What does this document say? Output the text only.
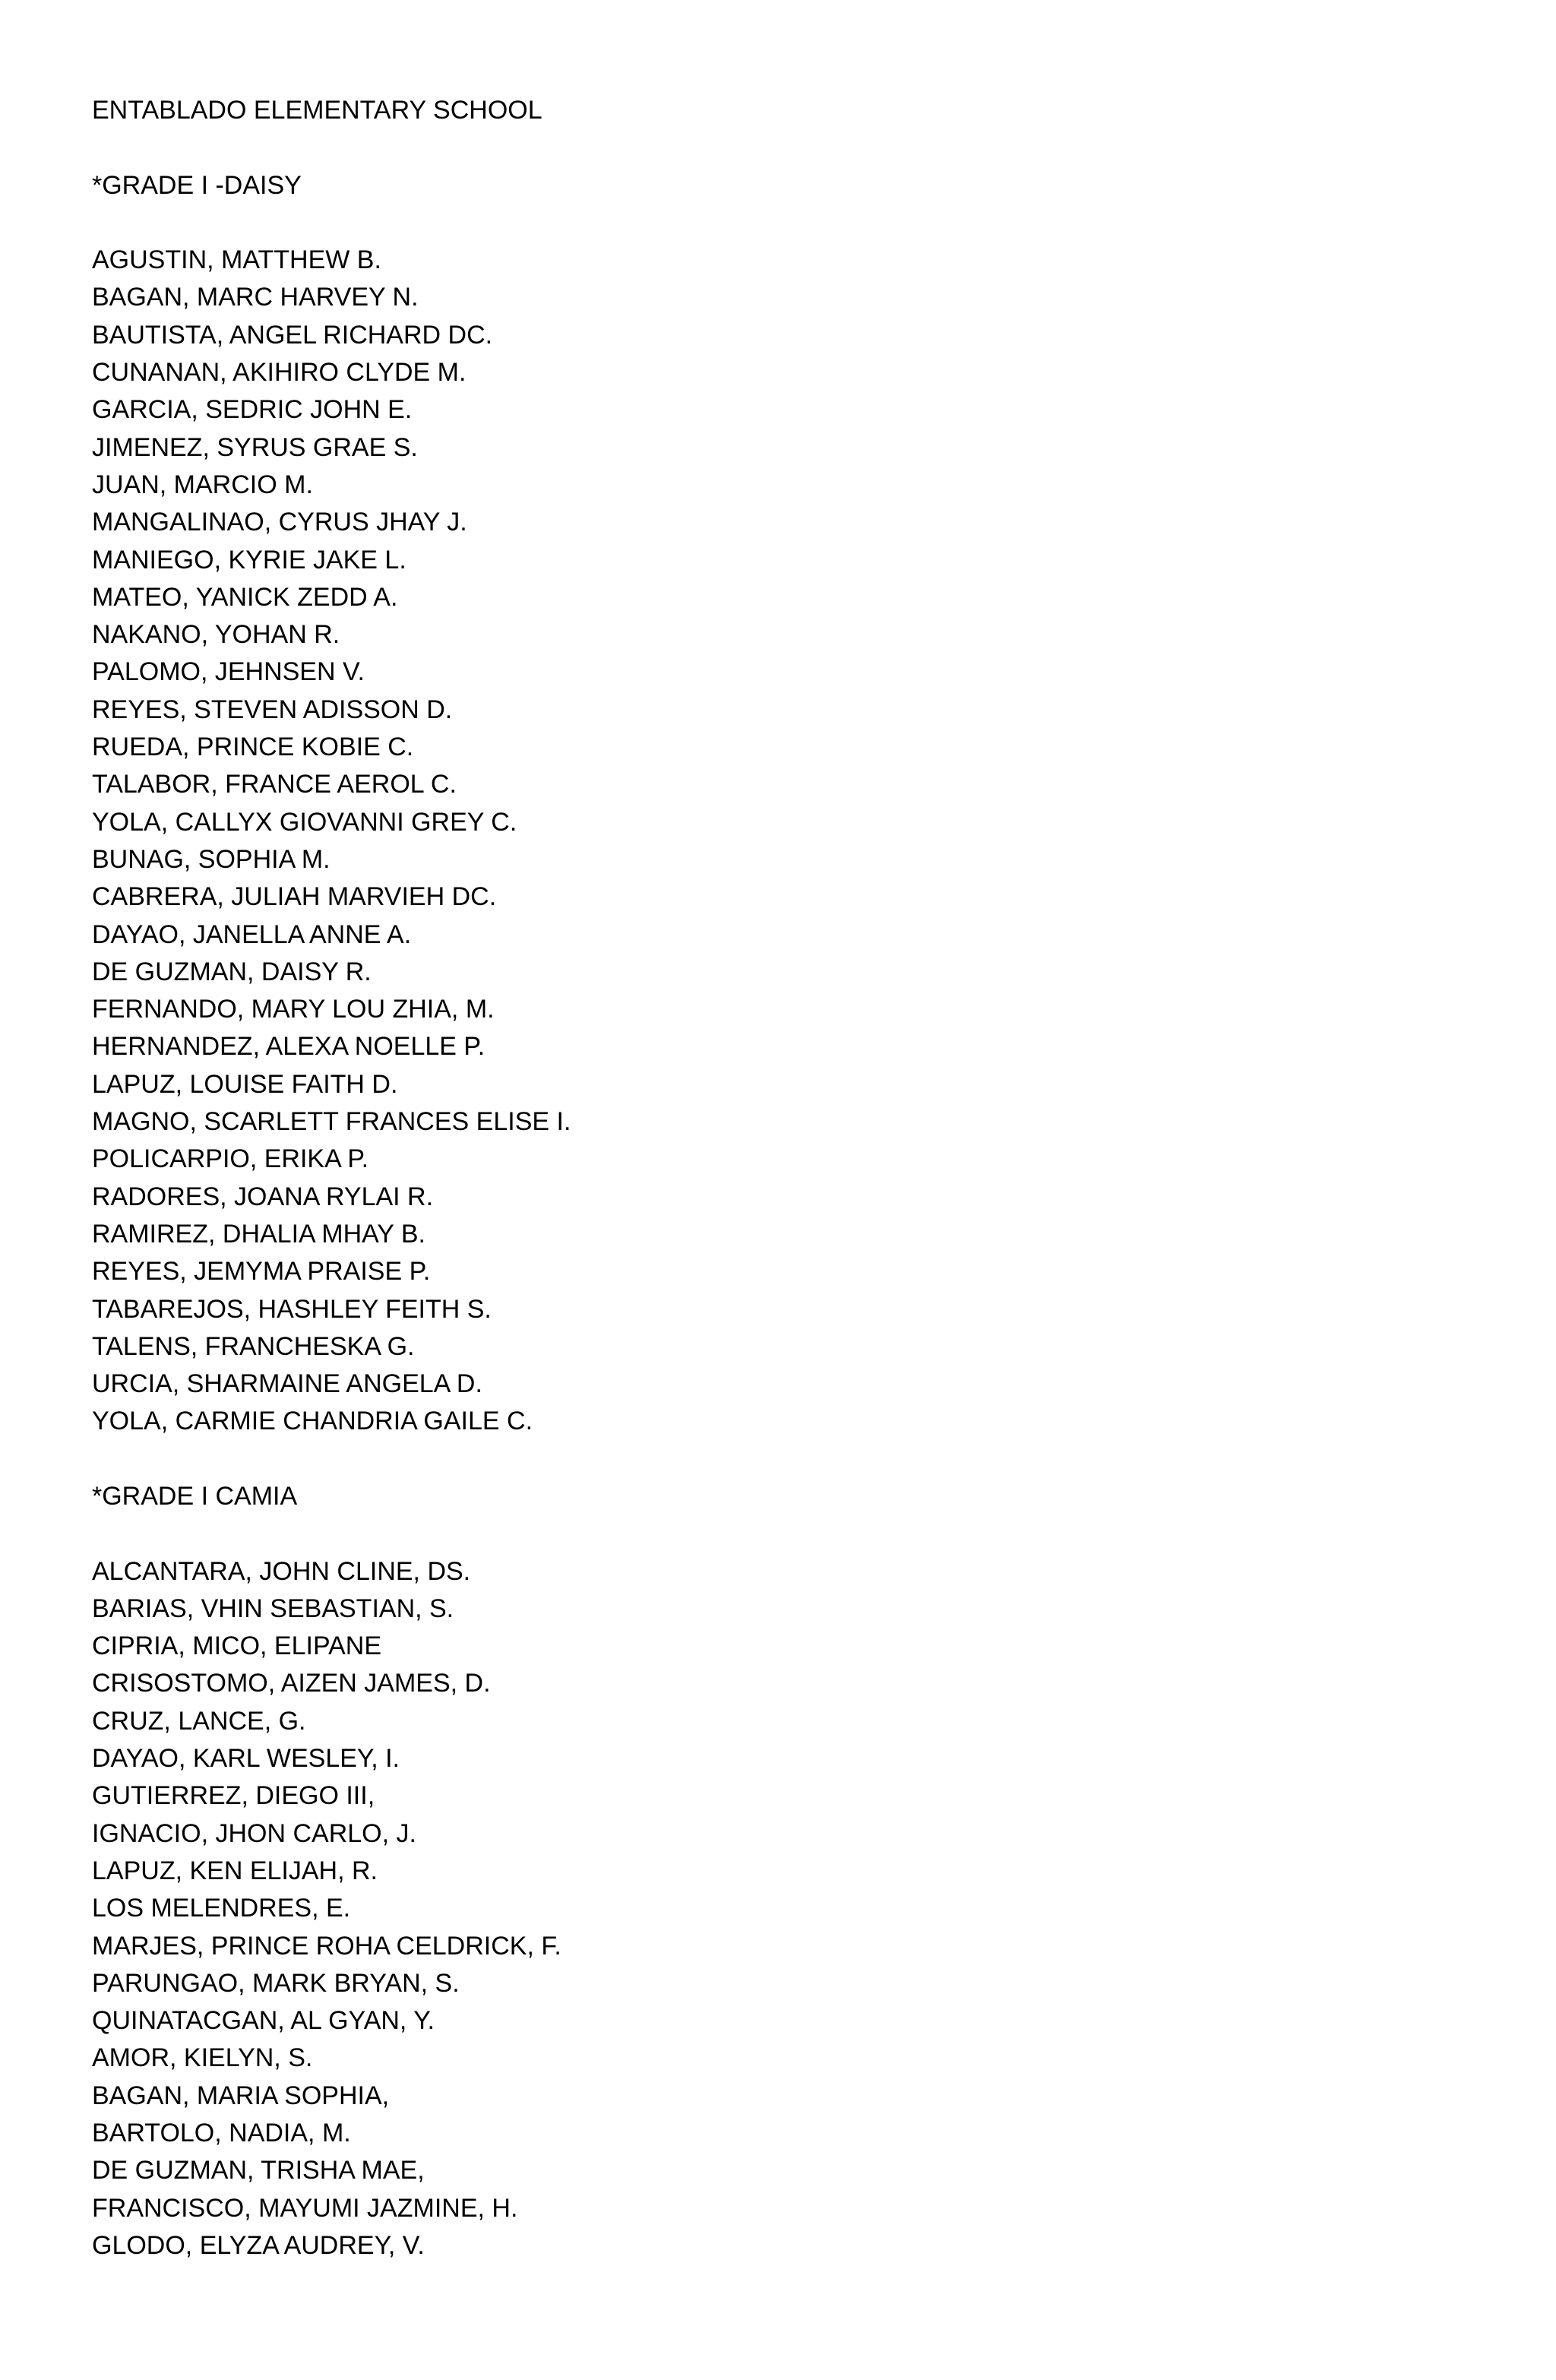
ENTABLADO ELEMENTARY SCHOOL

*GRADE I -DAISY

AGUSTIN, MATTHEW B.
BAGAN, MARC HARVEY N.
BAUTISTA, ANGEL RICHARD DC.
CUNANAN, AKIHIRO CLYDE M.
GARCIA, SEDRIC JOHN E.
JIMENEZ, SYRUS GRAE S.
JUAN, MARCIO M.
MANGALINAO, CYRUS JHAY J.
MANIEGO, KYRIE JAKE L.
MATEO, YANICK ZEDD A.
NAKANO, YOHAN R.
PALOMO, JEHNSEN V.
REYES, STEVEN ADISSON D.
RUEDA, PRINCE KOBIE C.
TALABOR, FRANCE AEROL C.
YOLA, CALLYX GIOVANNI GREY C.
BUNAG, SOPHIA M.
CABRERA, JULIAH MARVIEH DC.
DAYAO, JANELLA ANNE A.
DE GUZMAN, DAISY R.
FERNANDO, MARY LOU ZHIA, M.
HERNANDEZ, ALEXA NOELLE P.
LAPUZ, LOUISE FAITH D.
MAGNO, SCARLETT FRANCES ELISE I.
POLICARPIO, ERIKA P.
RADORES, JOANA RYLAI R.
RAMIREZ, DHALIA MHAY B.
REYES, JEMYMA PRAISE P.
TABAREJOS, HASHLEY FEITH S.
TALENS, FRANCHESKA G.
URCIA, SHARMAINE ANGELA D.
YOLA, CARMIE CHANDRIA GAILE C.

*GRADE I CAMIA

ALCANTARA, JOHN CLINE, DS.
BARIAS, VHIN SEBASTIAN, S.
CIPRIA, MICO, ELIPANE
CRISOSTOMO, AIZEN JAMES, D.
CRUZ, LANCE, G.
DAYAO, KARL WESLEY, I.
GUTIERREZ, DIEGO III,
IGNACIO, JHON CARLO, J.
LAPUZ, KEN ELIJAH, R.
LOS MELENDRES, E.
MARJES, PRINCE ROHA CELDRICK, F.
PARUNGAO, MARK BRYAN, S.
QUINATACGAN, AL GYAN, Y.
AMOR, KIELYN, S.
BAGAN, MARIA SOPHIA,
BARTOLO, NADIA, M.
DE GUZMAN, TRISHA MAE,
FRANCISCO, MAYUMI JAZMINE, H.
GLODO, ELYZA AUDREY, V.
